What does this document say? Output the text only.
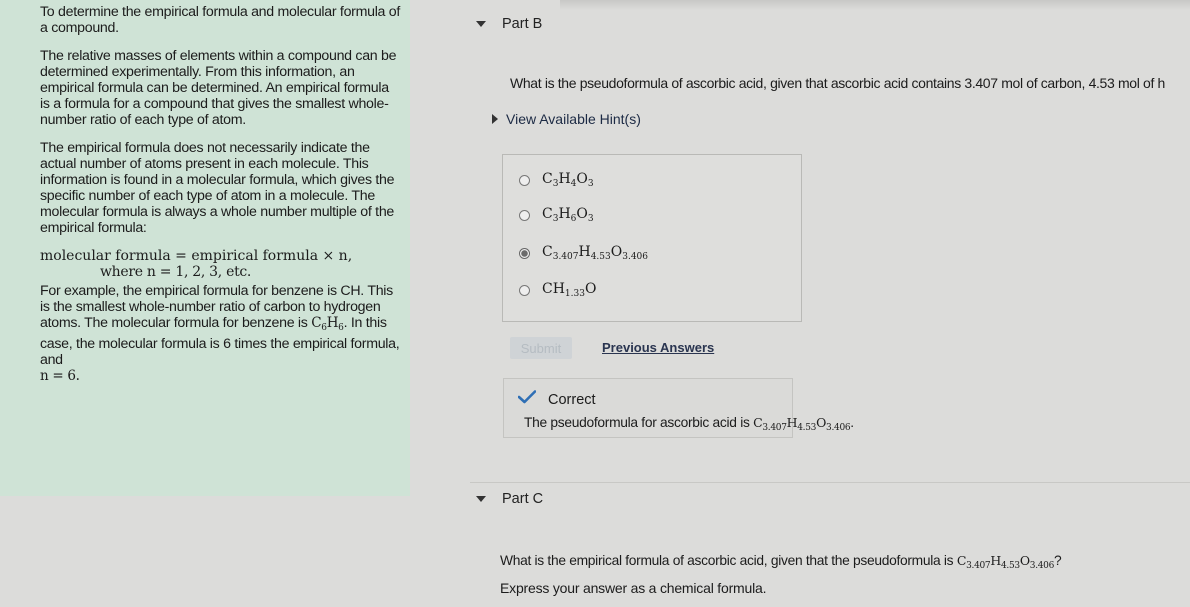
To determine the empirical formula and molecular formula of a compound.

The relative masses of elements within a compound can be determined experimentally. From this information, an empirical formula can be determined. An empirical formula is a formula for a compound that gives the smallest whole-number ratio of each type of atom.

The empirical formula does not necessarily indicate the actual number of atoms present in each molecule. This information is found in a molecular formula, which gives the specific number of each type of atom in a molecule. The molecular formula is always a whole number multiple of the empirical formula:

molecular formula = empirical formula × n,

where n = 1, 2, 3, etc.

For example, the empirical formula for benzene is CH. This is the smallest whole-number ratio of carbon to hydrogen atoms. The molecular formula for benzene is $C_6H_6$. In this case, the molecular formula is 6 times the empirical formula, and
n = 6.

Part B
What is the pseudoformula of ascorbic acid, given that ascorbic acid contains 3.407 mol of carbon, 4.53 mol of h
View Available Hint(s)
$C_3H_4O_3$
$C_3H_6O_3$
$C_{3.407}H_{4.53}O_{3.406}$
$CH_{1.33}O$
Submit	Previous Answers
Correct
The pseudoformula for ascorbic acid is $C_{3.407}H_{4.53}O_{3.406}$.
Part C
What is the empirical formula of ascorbic acid, given that the pseudoformula is $C_{3.407}H_{4.53}O_{3.406}$?
Express your answer as a chemical formula.
